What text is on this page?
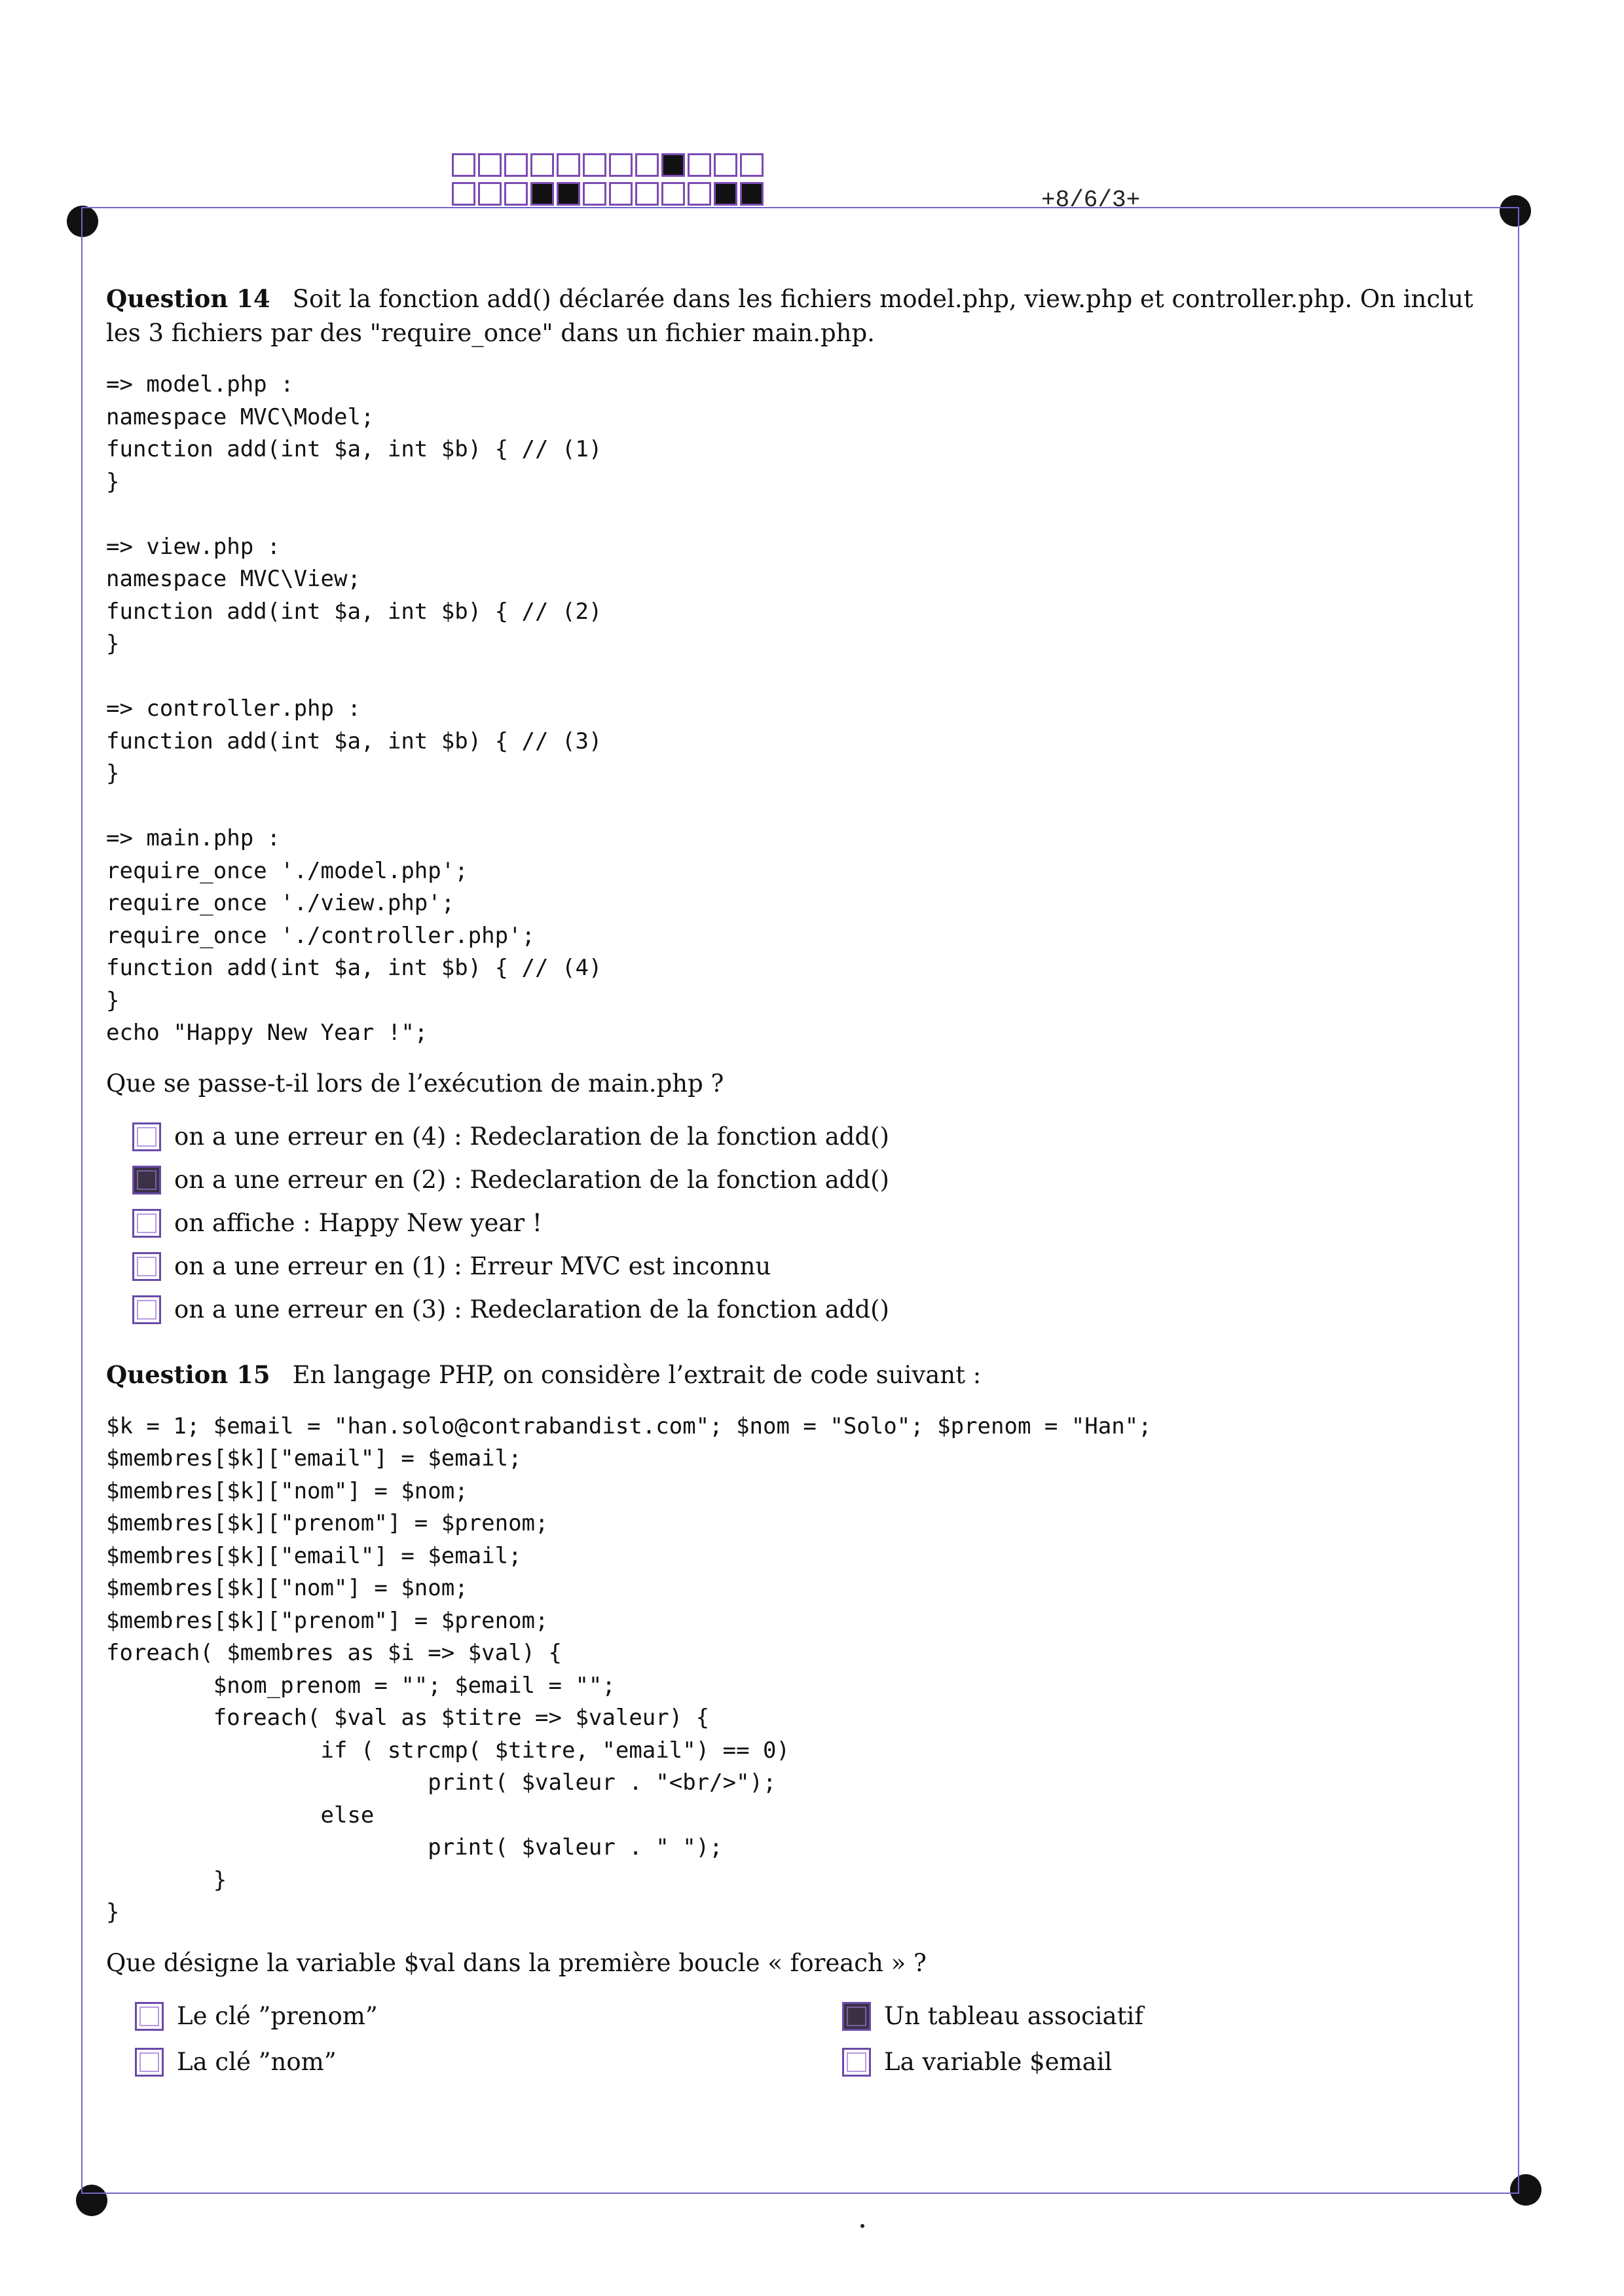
+8/6/3+

Question 14 Soit la fonction add() déclarée dans les fichiers model.php, view.php et controller.php. On inclut les 3 fichiers par des "require_once" dans un fichier main.php.

=> model.php :
namespace MVC\Model;
function add(int $a, int $b) { // (1)
}

=> view.php :
namespace MVC\View;
function add(int $a, int $b) { // (2)
}

=> controller.php :
function add(int $a, int $b) { // (3)
}

=> main.php :
require_once './model.php';
require_once './view.php';
require_once './controller.php';
function add(int $a, int $b) { // (4)
}
echo "Happy New Year !";

Que se passe-t-il lors de l’exécution de main.php ?

on a une erreur en (4) : Redeclaration de la fonction add()
on a une erreur en (2) : Redeclaration de la fonction add()
on affiche : Happy New year !
on a une erreur en (1) : Erreur MVC est inconnu
on a une erreur en (3) : Redeclaration de la fonction add()

Question 15 En langage PHP, on considère l’extrait de code suivant :

$k = 1; $email = "han.solo@contrabandist.com"; $nom = "Solo"; $prenom = "Han";
$membres[$k]["email"] = $email;
$membres[$k]["nom"] = $nom;
$membres[$k]["prenom"] = $prenom;
$membres[$k]["email"] = $email;
$membres[$k]["nom"] = $nom;
$membres[$k]["prenom"] = $prenom;
foreach( $membres as $i => $val) {
$nom_prenom = ""; $email = "";
foreach( $val as $titre => $valeur) {
if ( strcmp( $titre, "email") == 0)
print( $valeur . "<br/>");
else
print( $valeur . " ");
}
}

Que désigne la variable $val dans la première boucle « foreach » ?

Le clé ”prenom”	Un tableau associatif
La clé ”nom”	La variable $email
